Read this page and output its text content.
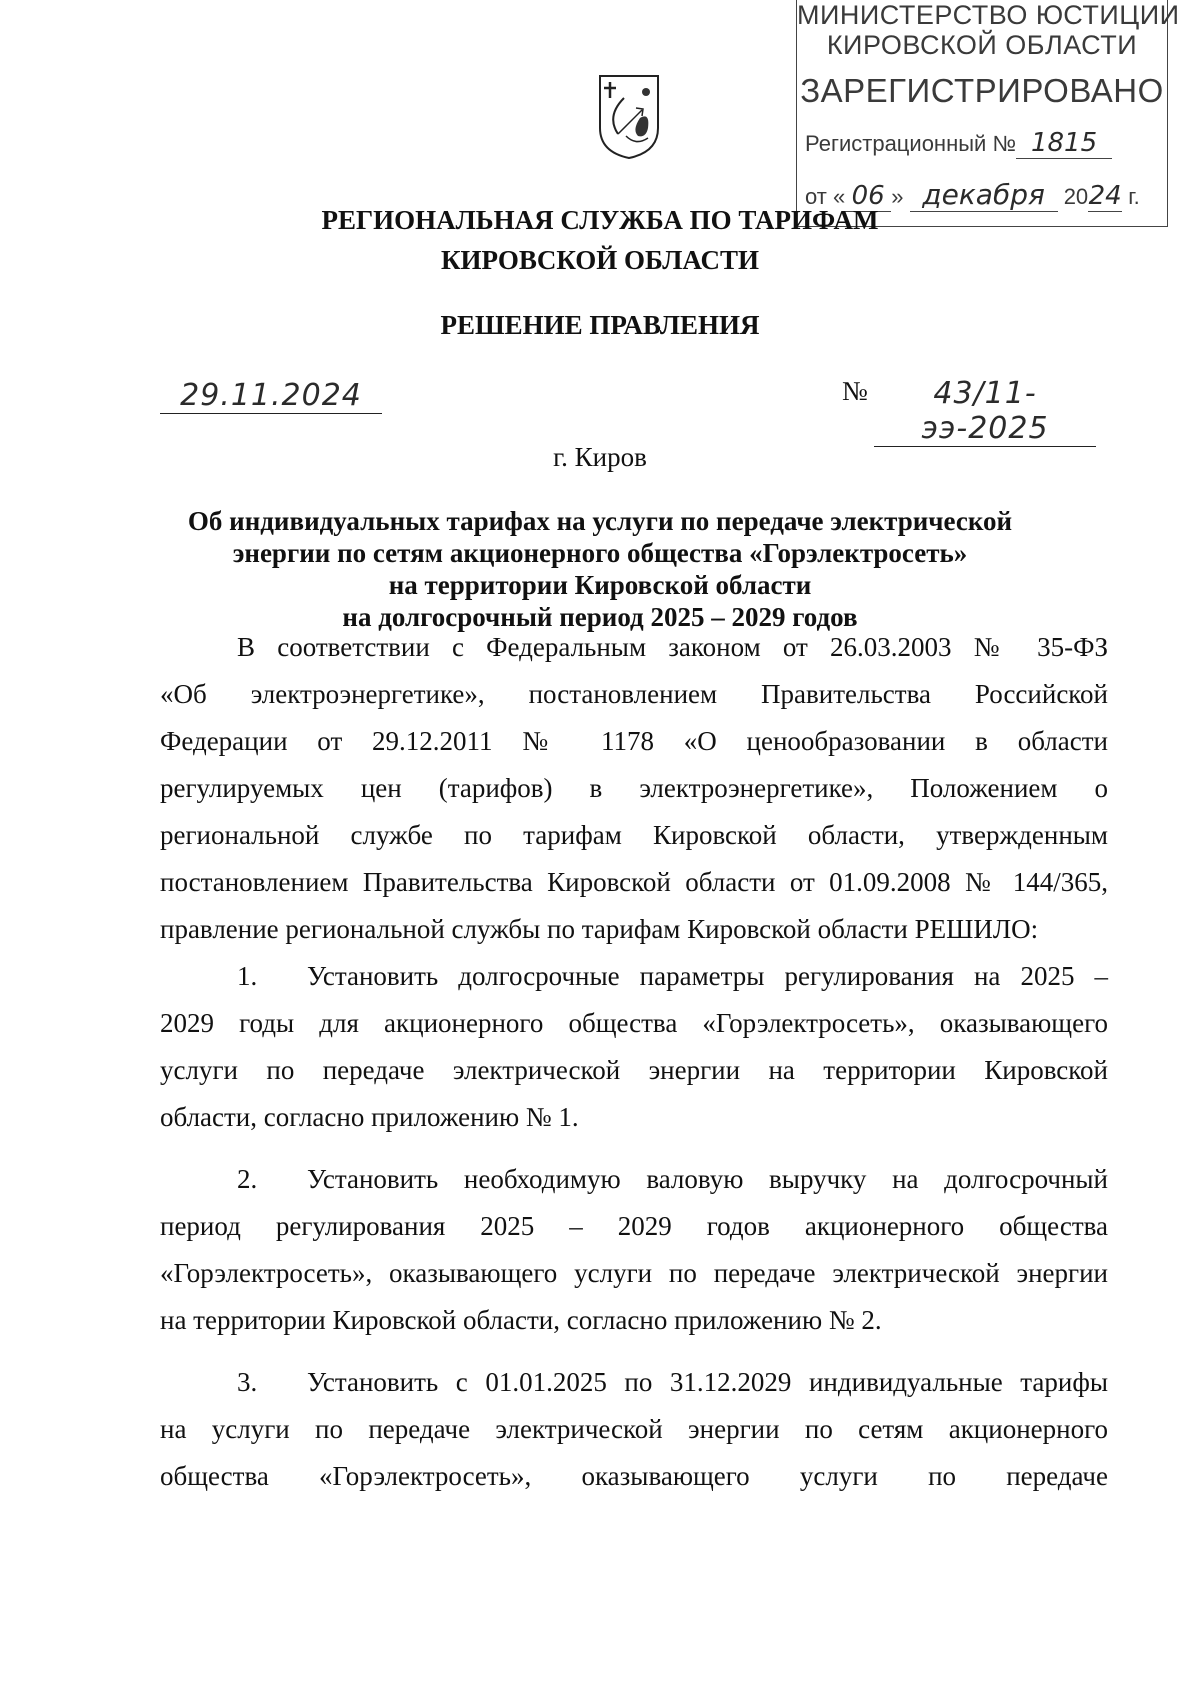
МИНИСТЕРСТВО ЮСТИЦИИ
КИРОВСКОЙ ОБЛАСТИ
ЗАРЕГИСТРИРОВАНО
Регистрационный № 1815
от « 06 » декабря 2024 г.
РЕГИОНАЛЬНАЯ СЛУЖБА ПО ТАРИФАМ
КИРОВСКОЙ ОБЛАСТИ
РЕШЕНИЕ ПРАВЛЕНИЯ
29.11.2024	№	43/11-ээ-2025
г. Киров
Об индивидуальных тарифах на услуги по передаче электрической
энергии по сетям акционерного общества «Горэлектросеть»
на территории Кировской области
на долгосрочный период 2025 – 2029 годов
В соответствии с Федеральным законом от 26.03.2003 № 35-ФЗ
«Об электроэнергетике», постановлением Правительства Российской
Федерации от 29.12.2011 № 1178 «О ценообразовании в области
регулируемых цен (тарифов) в электроэнергетике», Положением о
региональной службе по тарифам Кировской области, утвержденным
постановлением Правительства Кировской области от 01.09.2008 № 144/365,
правление региональной службы по тарифам Кировской области РЕШИЛО:
1. Установить долгосрочные параметры регулирования на 2025 –
2029 годы для акционерного общества «Горэлектросеть», оказывающего
услуги по передаче электрической энергии на территории Кировской
области, согласно приложению № 1.
2. Установить необходимую валовую выручку на долгосрочный
период регулирования 2025 – 2029 годов акционерного общества
«Горэлектросеть», оказывающего услуги по передаче электрической энергии
на территории Кировской области, согласно приложению № 2.
3. Установить с 01.01.2025 по 31.12.2029 индивидуальные тарифы
на услуги по передаче электрической энергии по сетям акционерного
общества «Горэлектросеть», оказывающего услуги по передаче
